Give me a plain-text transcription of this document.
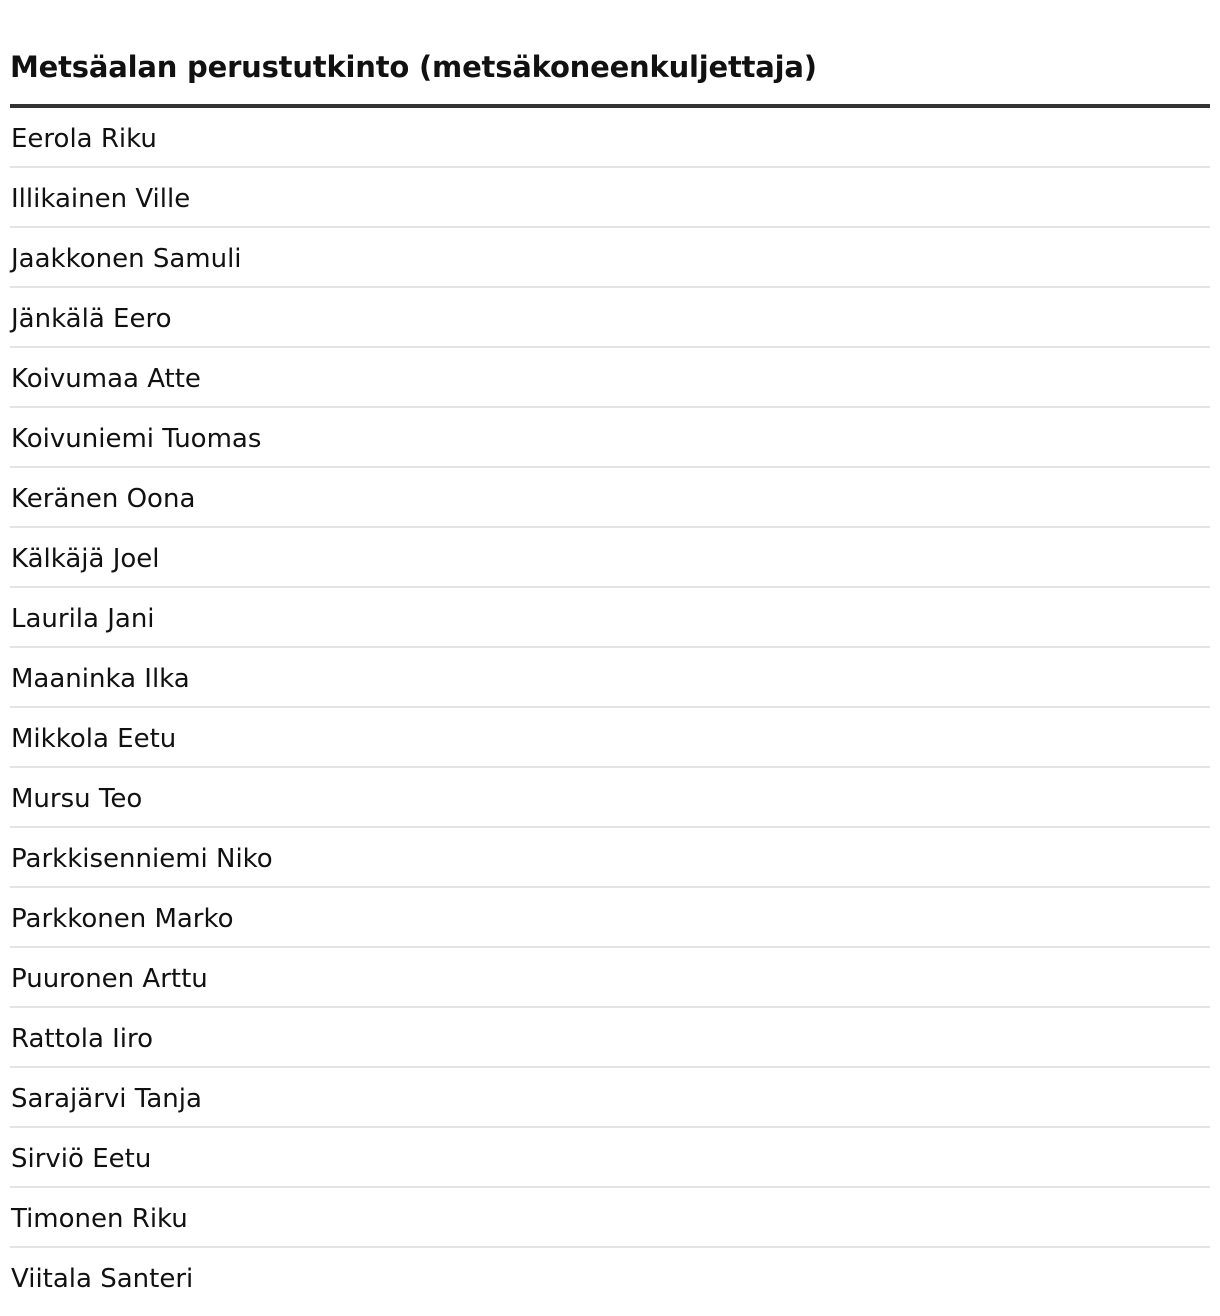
Metsäalan perustutkinto (metsäkoneenkuljettaja)
Eerola Riku
Illikainen Ville
Jaakkonen Samuli
Jänkälä Eero
Koivumaa Atte
Koivuniemi Tuomas
Keränen Oona
Kälkäjä Joel
Laurila Jani
Maaninka Ilka
Mikkola Eetu
Mursu Teo
Parkkisenniemi Niko
Parkkonen Marko
Puuronen Arttu
Rattola Iiro
Sarajärvi Tanja
Sirviö Eetu
Timonen Riku
Viitala Santeri
